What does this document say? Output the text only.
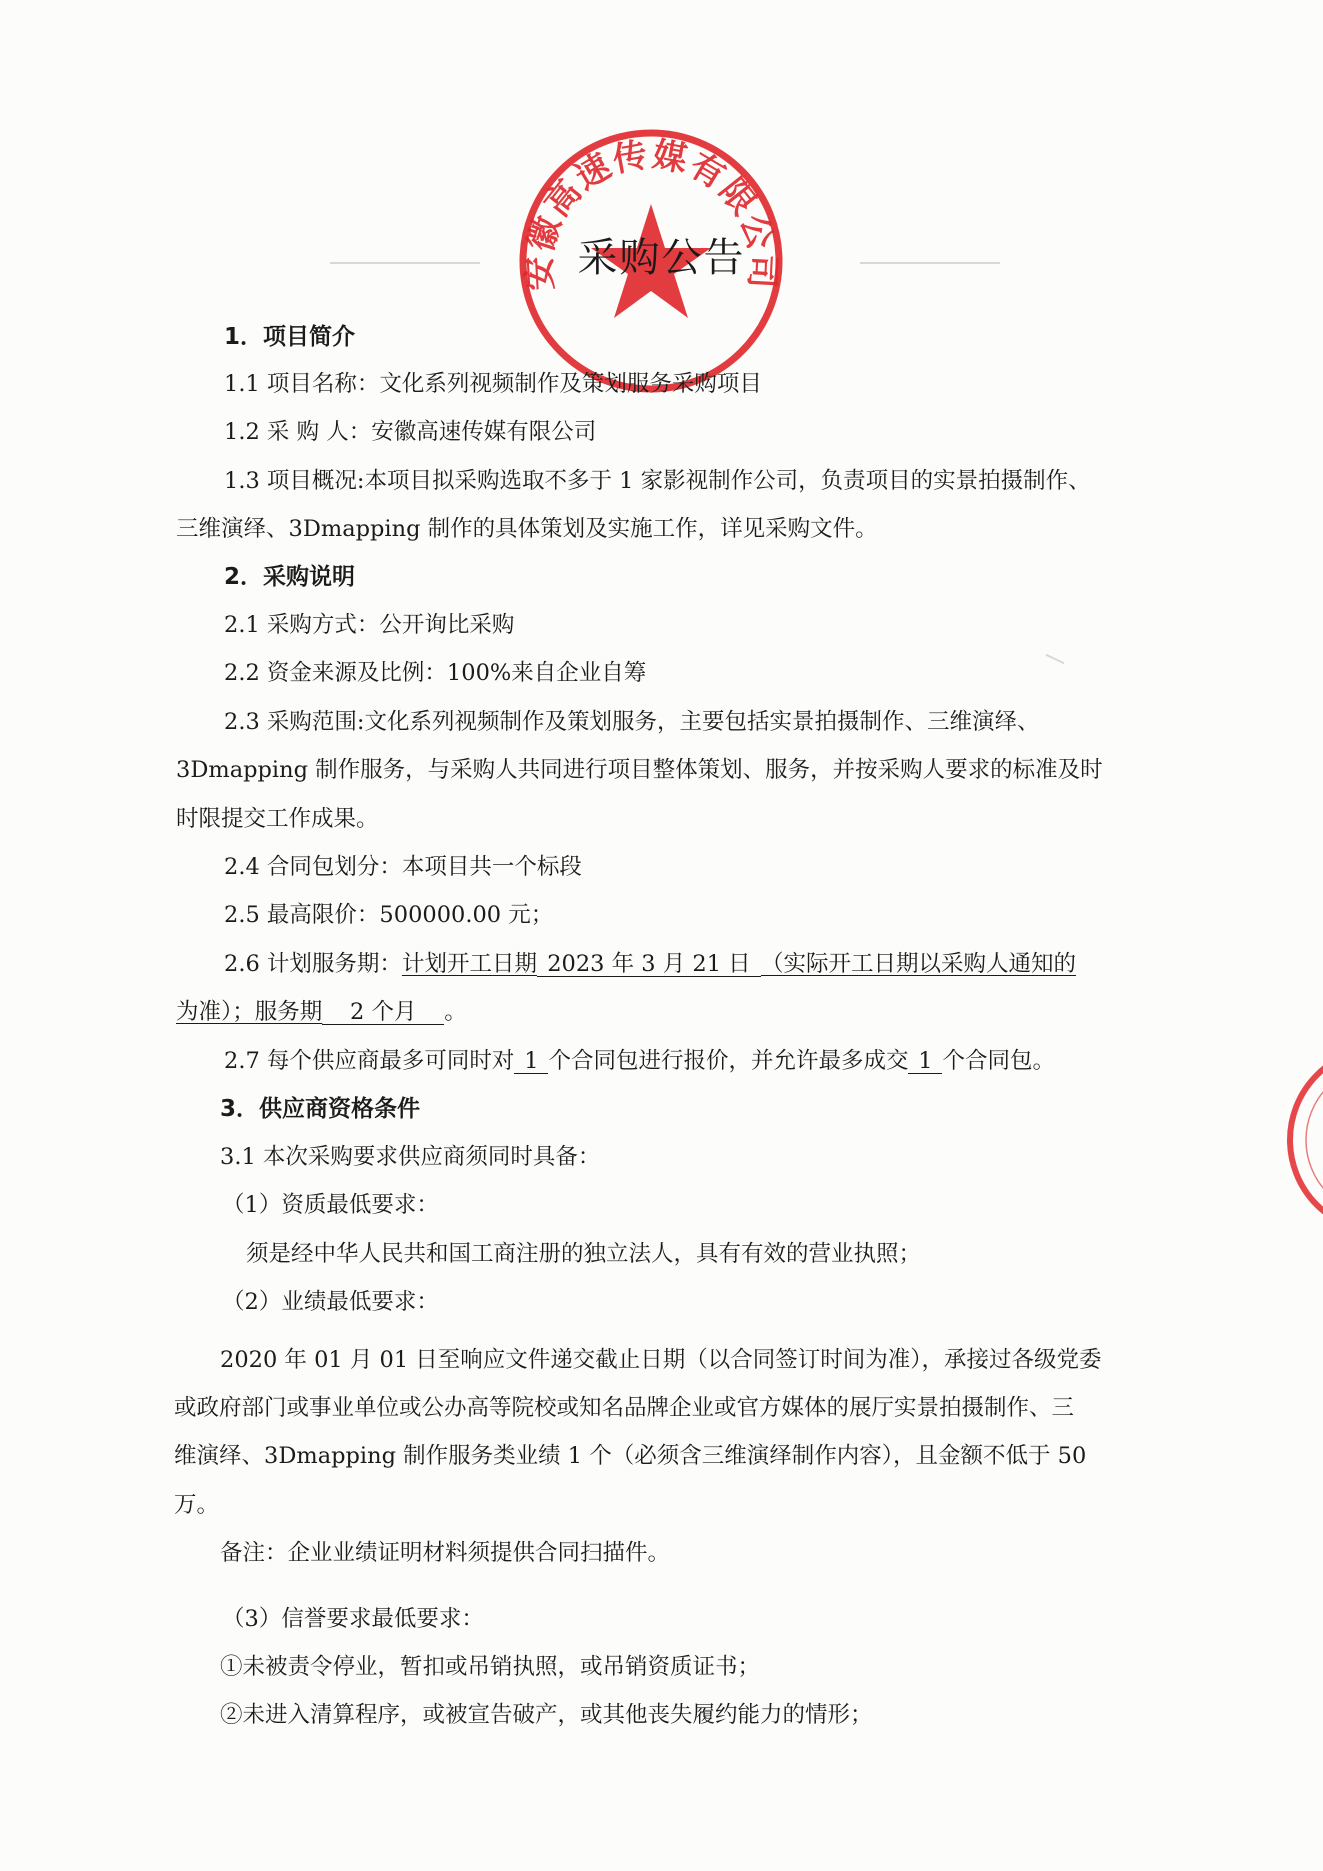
安徽高速传媒有限公司
采购公告
1．项目简介
1.1 项目名称：文化系列视频制作及策划服务采购项目
1.2 采 购 人：安徽高速传媒有限公司
1.3 项目概况:本项目拟采购选取不多于 1 家影视制作公司，负责项目的实景拍摄制作、
三维演绎、3Dmapping 制作的具体策划及实施工作，详见采购文件。
2．采购说明
2.1 采购方式：公开询比采购
2.2 资金来源及比例：100%来自企业自筹
2.3 采购范围:文化系列视频制作及策划服务，主要包括实景拍摄制作、三维演绎、
3Dmapping 制作服务，与采购人共同进行项目整体策划、服务，并按采购人要求的标准及时
时限提交工作成果。
2.4 合同包划分：本项目共一个标段
2.5 最高限价：500000.00 元；
2.6 计划服务期：计划开工日期 2023 年 3 月 21 日 （实际开工日期以采购人通知的
为准）；服务期 2 个月 。
2.7 每个供应商最多可同时对 1 个合同包进行报价，并允许最多成交 1 个合同包。
3．供应商资格条件
3.1 本次采购要求供应商须同时具备：
（1）资质最低要求：
须是经中华人民共和国工商注册的独立法人，具有有效的营业执照；
（2）业绩最低要求：
2020 年 01 月 01 日至响应文件递交截止日期（以合同签订时间为准），承接过各级党委
或政府部门或事业单位或公办高等院校或知名品牌企业或官方媒体的展厅实景拍摄制作、三
维演绎、3Dmapping 制作服务类业绩 1 个（必须含三维演绎制作内容），且金额不低于 50
万。
备注：企业业绩证明材料须提供合同扫描件。
（3）信誉要求最低要求：
①未被责令停业，暂扣或吊销执照，或吊销资质证书；
②未进入清算程序，或被宣告破产，或其他丧失履约能力的情形；
